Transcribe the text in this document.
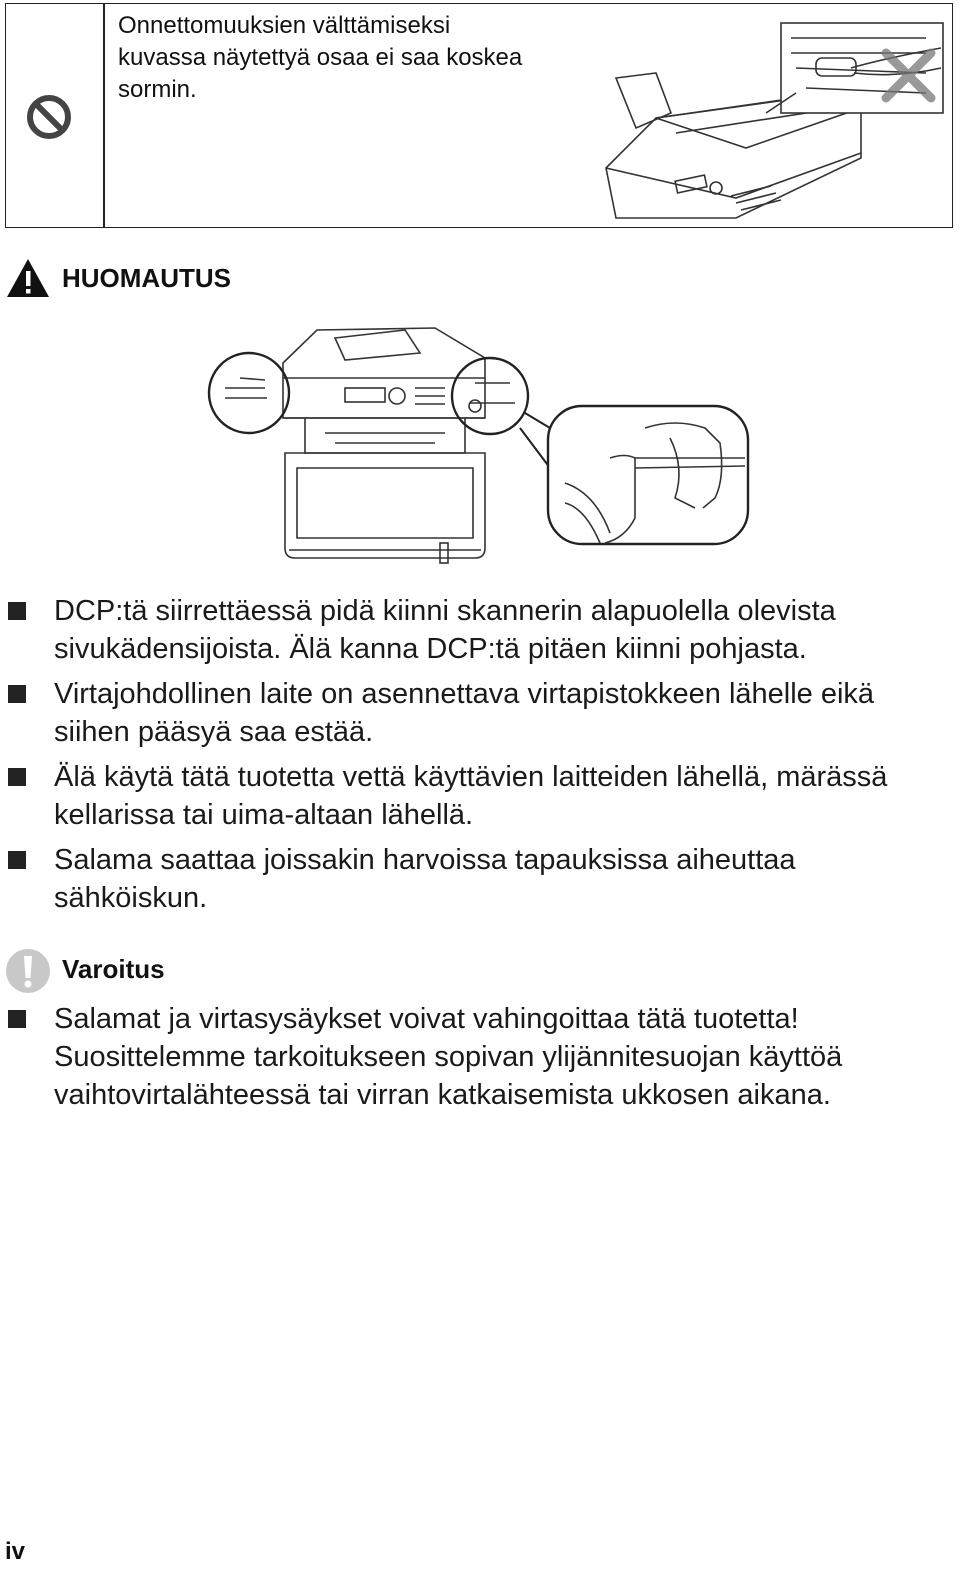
Onnettomuuksien välttämiseksi
kuvassa näytettyä osaa ei saa koskea
sormin.
HUOMAUTUS
DCP:tä siirrettäessä pidä kiinni skannerin alapuolella olevista
sivukädensijoista. Älä kanna DCP:tä pitäen kiinni pohjasta.
Virtajohdollinen laite on asennettava virtapistokkeen lähelle eikä
siihen pääsyä saa estää.
Älä käytä tätä tuotetta vettä käyttävien laitteiden lähellä, märässä
kellarissa tai uima-altaan lähellä.
Salama saattaa joissakin harvoissa tapauksissa aiheuttaa
sähköiskun.
Varoitus
Salamat ja virtasysäykset voivat vahingoittaa tätä tuotetta!
Suosittelemme tarkoitukseen sopivan ylijännitesuojan käyttöä
vaihtovirtalähteessä tai virran katkaisemista ukkosen aikana.
iv
